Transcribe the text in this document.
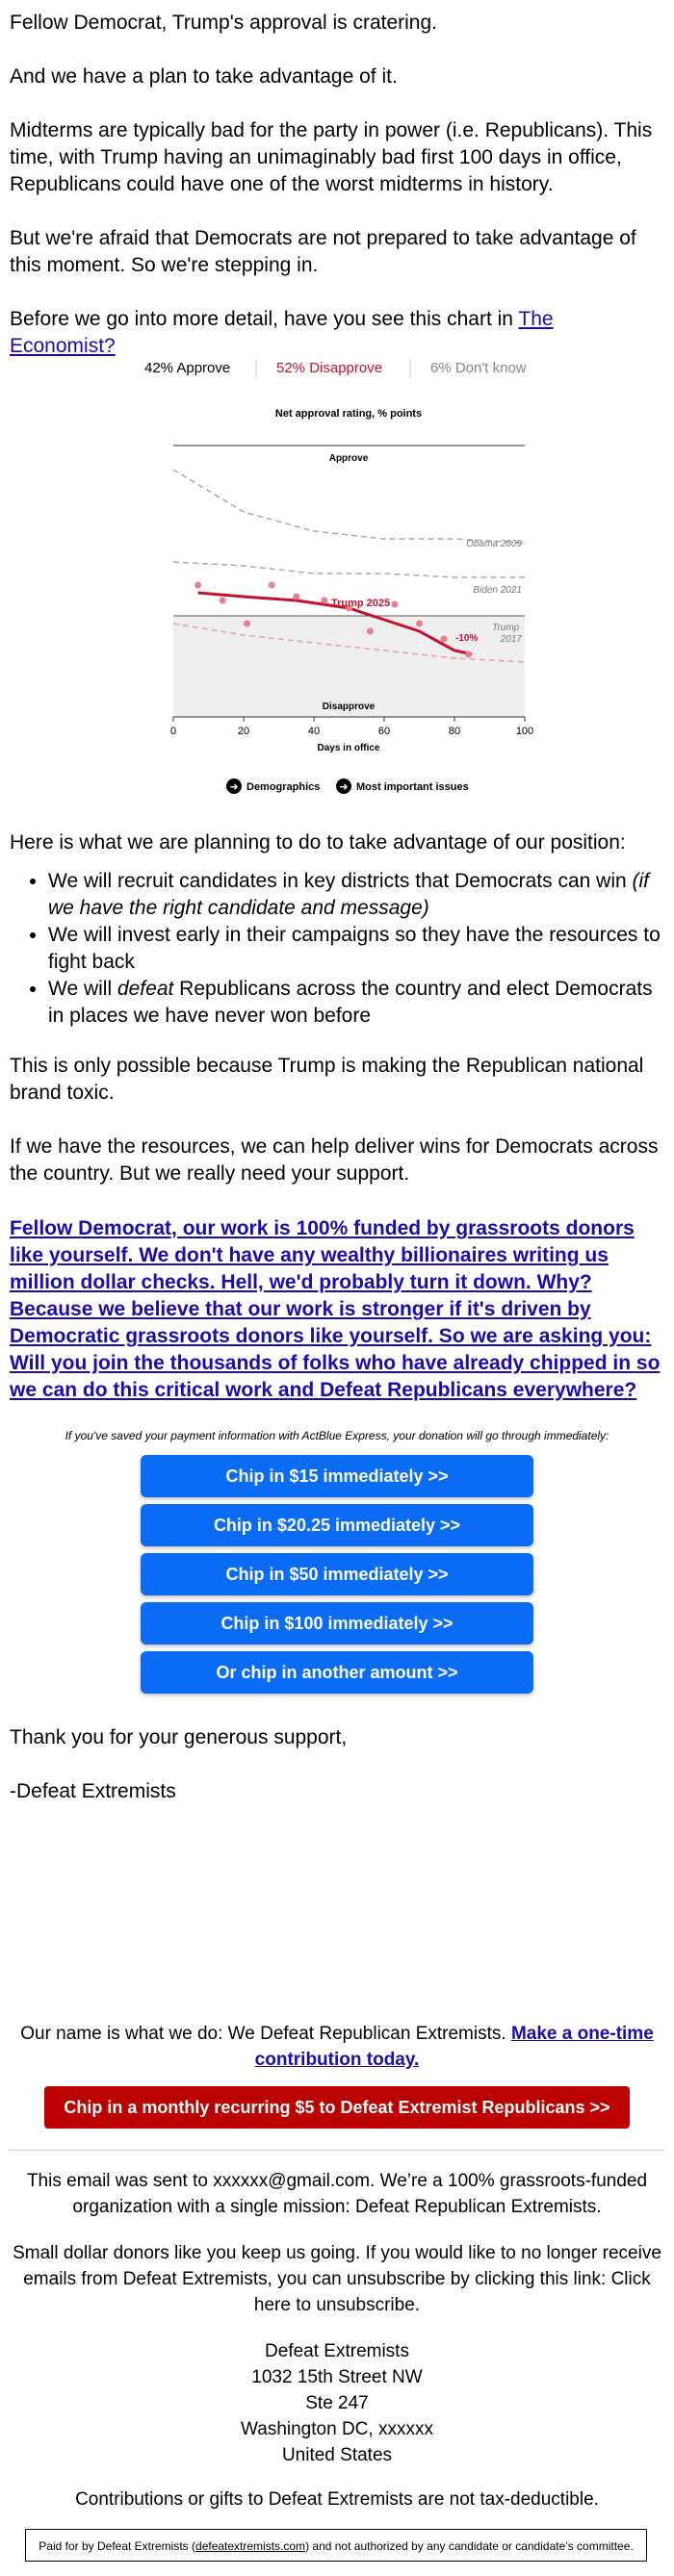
Fellow Democrat, Trump's approval is cratering.

And we have a plan to take advantage of it.

Midterms are typically bad for the party in power (i.e. Republicans). This time, with Trump having an unimaginably bad first 100 days in office, Republicans could have one of the worst midterms in history.

But we're afraid that Democrats are not prepared to take advantage of this moment. So we're stepping in.

Before we go into more detail, have you see this chart in The Economist?

42% Approve	52% Disapprove	6% Don't know
Net approval rating, % points
Approve
Disapprove
Obama 2009
Biden 2021
Trump 2017
Trump 2025
-10%
0	20	40	60	80	100
Days in office
➜ Demographics ➜ Most important issues

Here is what we are planning to do to take advantage of our position:

• We will recruit candidates in key districts that Democrats can win (if we have the right candidate and message)
• We will invest early in their campaigns so they have the resources to fight back
• We will defeat Republicans across the country and elect Democrats in places we have never won before

This is only possible because Trump is making the Republican national brand toxic.

If we have the resources, we can help deliver wins for Democrats across the country. But we really need your support.

Fellow Democrat, our work is 100% funded by grassroots donors like yourself. We don't have any wealthy billionaires writing us million dollar checks. Hell, we'd probably turn it down. Why? Because we believe that our work is stronger if it's driven by Democratic grassroots donors like yourself. So we are asking you: Will you join the thousands of folks who have already chipped in so we can do this critical work and Defeat Republicans everywhere?
If you've saved your payment information with ActBlue Express, your donation will go through immediately:
Chip in $15 immediately >>
Chip in $20.25 immediately >>
Chip in $50 immediately >>
Chip in $100 immediately >>
Or chip in another amount >>

Thank you for your generous support,

-Defeat Extremists

Our name is what we do: We Defeat Republican Extremists. Make a one-time contribution today.
Chip in a monthly recurring $5 to Defeat Extremist Republicans >>
This email was sent to xxxxxx@gmail.com. We’re a 100% grassroots-funded organization with a single mission: Defeat Republican Extremists.
Small dollar donors like you keep us going. If you would like to no longer receive emails from Defeat Extremists, you can unsubscribe by clicking this link: Click here to unsubscribe.
Defeat Extremists
1032 15th Street NW
Ste 247
Washington DC, xxxxxx
United States
Contributions or gifts to Defeat Extremists are not tax-deductible.
Paid for by Defeat Extremists (defeatextremists.com) and not authorized by any candidate or candidate’s committee.
